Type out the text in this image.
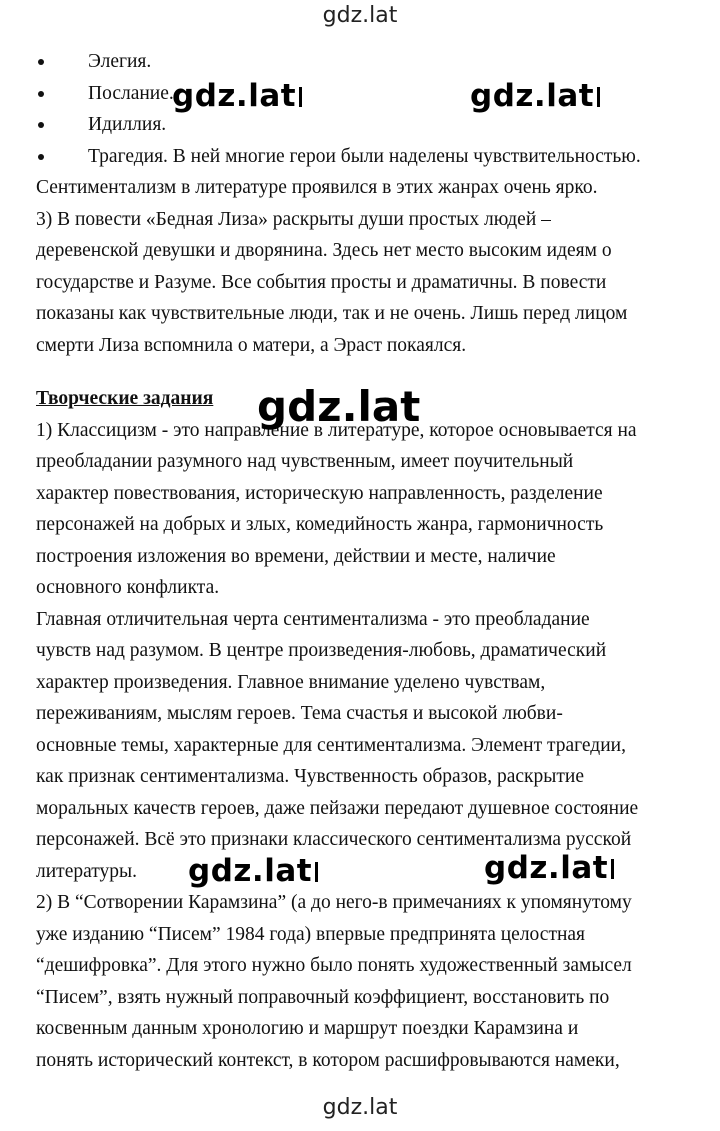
gdz.lat
Элегия.
Послание.
Идиллия.
Трагедия. В ней многие герои были наделены чувствительностью.
Сентиментализм в литературе проявился в этих жанрах очень ярко.
3) В повести «Бедная Лиза» раскрыты души простых людей –
деревенской девушки и дворянина. Здесь нет место высоким идеям о
государстве и Разуме. Все события просты и драматичны. В повести
показаны как чувствительные люди, так и не очень. Лишь перед лицом
смерти Лиза вспомнила о матери, а Эраст покаялся.
Творческие задания
1) Классицизм - это направление в литературе, которое основывается на
преобладании разумного над чувственным, имеет поучительный
характер повествования, историческую направленность, разделение
персонажей на добрых и злых, комедийность жанра, гармоничность
построения изложения во времени, действии и месте, наличие
основного конфликта.
Главная отличительная черта сентиментализма - это преобладание
чувств над разумом. В центре произведения-любовь, драматический
характер произведения. Главное внимание уделено чувствам,
переживаниям, мыслям героев. Тема счастья и высокой любви-
основные темы, характерные для сентиментализма. Элемент трагедии,
как признак сентиментализма. Чувственность образов, раскрытие
моральных качеств героев, даже пейзажи передают душевное состояние
персонажей. Всё это признаки классического сентиментализма русской
литературы.
2) В “Сотворении Карамзина” (а до него-в примечаниях к упомянутому
уже изданию “Писем” 1984 года) впервые предпринята целостная
“дешифровка”. Для этого нужно было понять художественный замысел
“Писем”, взять нужный поправочный коэффициент, восстановить по
косвенным данным хронологию и маршрут поездки Карамзина и
понять исторический контекст, в котором расшифровываются намеки,
gdz.lat	gdz.lat
gdz.lat
gdz.lat	gdz.lat
gdz.lat
